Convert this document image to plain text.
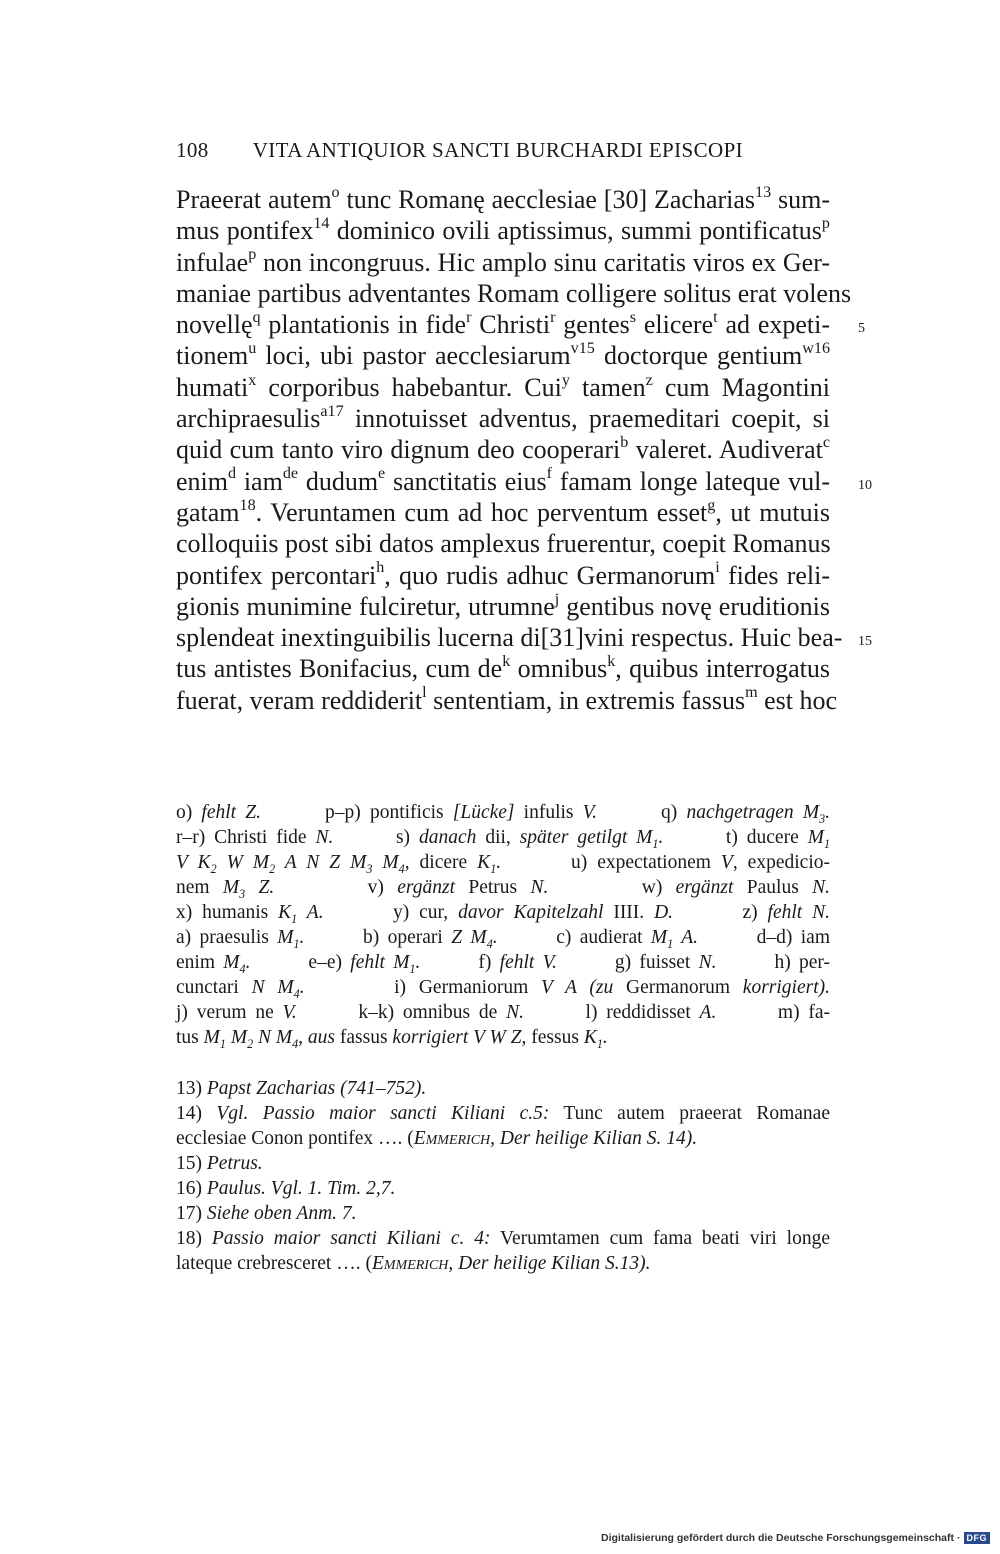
108 VITA ANTIQUIOR SANCTI BURCHARDI EPISCOPI
Praeerat autem$^o$ tunc Romanę aecclesiae [30] Zacharias$^{13}$ sum-
mus pontifex$^{14}$ dominico ovili aptissimus, summi pontificatus$^p$
infulae$^p$ non incongruus. Hic amplo sinu caritatis viros ex Ger-
maniae partibus adventantes Romam colligere solitus erat volens
novellę$^q$ plantationis in fide$^r$ Christi$^r$ gentes$^s$ elicere$^t$ ad expeti-
tionem$^u$ loci, ubi pastor aecclesiarum$^{v15}$ doctorque gentium$^{w16}$
humati$^x$ corporibus habebantur. Cui$^y$ tamen$^z$ cum Magontini
archipraesulis$^{a17}$ innotuisset adventus, praemeditari coepit, si
quid cum tanto viro dignum deo cooperari$^b$ valeret. Audiverat$^c$
enim$^d$ iam$^{de}$ dudum$^e$ sanctitatis eius$^f$ famam longe lateque vul-
gatam$^{18}$. Veruntamen cum ad hoc perventum esset$^g$, ut mutuis
colloquiis post sibi datos amplexus fruerentur, coepit Romanus
pontifex percontari$^h$, quo rudis adhuc Germanorum$^i$ fides reli-
gionis munimine fulciretur, utrumne$^j$ gentibus novę eruditionis
splendeat inextinguibilis lucerna di[31]vini respectus. Huic bea-
tus antistes Bonifacius, cum $de^k$ omnibus$^k$, quibus interrogatus
fuerat, veram reddiderit$^l$ sententiam, in extremis fassus$^m$ est hoc
5
10
15
o) fehlt Z.       p–p) pontificis [Lücke] infulis V.       q) nachgetragen $M_3$.
r–r) Christi fide N.       s) danach dii, später getilgt $M_1$.       t) ducere $M_1$
V $K_2$ W $M_2$ A N Z $M_3$ $M_4$, dicere $K_1$.       u) expectationem V, expedicio-
nem $M_3$ Z.       v) ergänzt Petrus N.       w) ergänzt Paulus N.
x) humanis $K_1$ A.       y) cur, davor Kapitelzahl IIII. D.       z) fehlt N.
a) praesulis $M_1$.       b) operari Z $M_4$.       c) audierat $M_1$ A.       d–d) iam
enim $M_4$.       e–e) fehlt $M_1$.       f) fehlt V.       g) fuisset N.       h) per-
cunctari N $M_4$.       i) Germaniorum V A (zu Germanorum korrigiert).
j) verum ne V.       k–k) omnibus de N.       l) reddidisset A.       m) fa-
tus $M_1$ $M_2$ N $M_4$, aus fassus korrigiert V W Z, fessus $K_1$.
13) Papst Zacharias (741–752).
14) Vgl. Passio maior sancti Kiliani c.5: Tunc autem praeerat Romanae
ecclesiae Conon pontifex …. (Emmerich, Der heilige Kilian S. 14).
15) Petrus.
16) Paulus. Vgl. 1. Tim. 2,7.
17) Siehe oben Anm. 7.
18) Passio maior sancti Kiliani c. 4: Verumtamen cum fama beati viri longe
lateque crebresceret …. (Emmerich, Der heilige Kilian S.13).
Digitalisierung gefördert durch die Deutsche Forschungsgemeinschaft · DFG
